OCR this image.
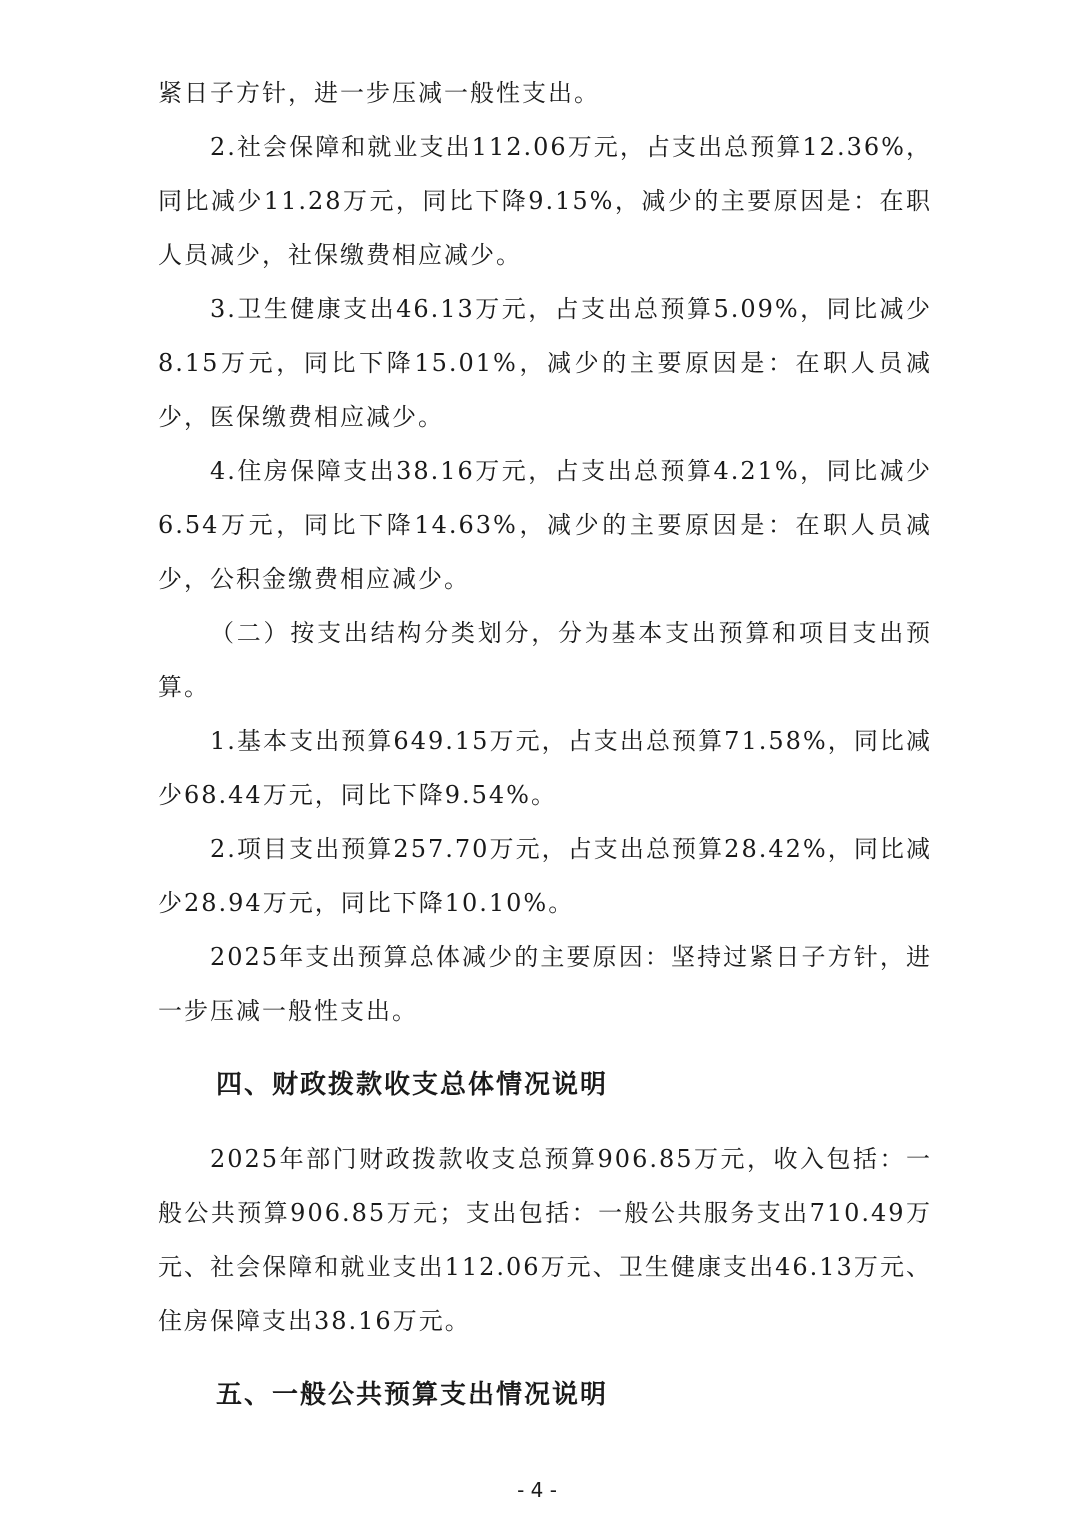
紧日子方针，进一步压减一般性支出。

2.社会保障和就业支出112.06万元，占支出总预算12.36%，同比减少11.28万元，同比下降9.15%，减少的主要原因是：在职人员减少，社保缴费相应减少。

3.卫生健康支出46.13万元，占支出总预算5.09%，同比减少8.15万元，同比下降15.01%，减少的主要原因是：在职人员减少，医保缴费相应减少。

4.住房保障支出38.16万元，占支出总预算4.21%，同比减少6.54万元，同比下降14.63%，减少的主要原因是：在职人员减少，公积金缴费相应减少。

（二）按支出结构分类划分，分为基本支出预算和项目支出预算。

1.基本支出预算649.15万元，占支出总预算71.58%，同比减少68.44万元，同比下降9.54%。

2.项目支出预算257.70万元，占支出总预算28.42%，同比减少28.94万元，同比下降10.10%。

2025年支出预算总体减少的主要原因：坚持过紧日子方针，进一步压减一般性支出。

四、财政拨款收支总体情况说明

2025年部门财政拨款收支总预算906.85万元，收入包括：一般公共预算906.85万元；支出包括：一般公共服务支出710.49万元、社会保障和就业支出112.06万元、卫生健康支出46.13万元、住房保障支出38.16万元。

五、一般公共预算支出情况说明
- 4 -
